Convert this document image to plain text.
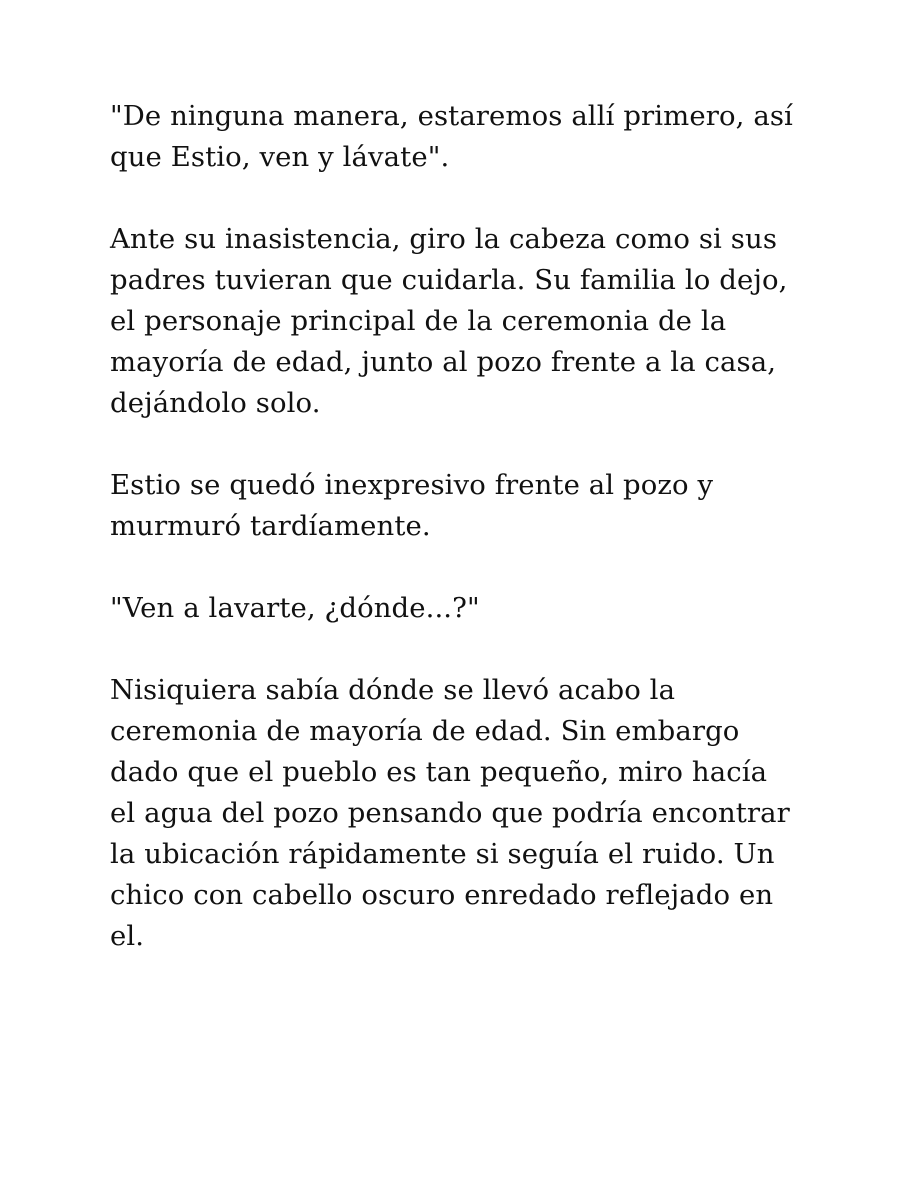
"De ninguna manera, estaremos allí primero, así
que Estio, ven y lávate".

Ante su inasistencia, giro la cabeza como si sus
padres tuvieran que cuidarla. Su familia lo dejo,
el personaje principal de la ceremonia de la
mayoría de edad, junto al pozo frente a la casa,
dejándolo solo.

Estio se quedó inexpresivo frente al pozo y
murmuró tardíamente.

"Ven a lavarte, ¿dónde...?"

Nisiquiera sabía dónde se llevó acabo la
ceremonia de mayoría de edad. Sin embargo
dado que el pueblo es tan pequeño, miro hacía
el agua del pozo pensando que podría encontrar
la ubicación rápidamente si seguía el ruido. Un
chico con cabello oscuro enredado reflejado en
el.
